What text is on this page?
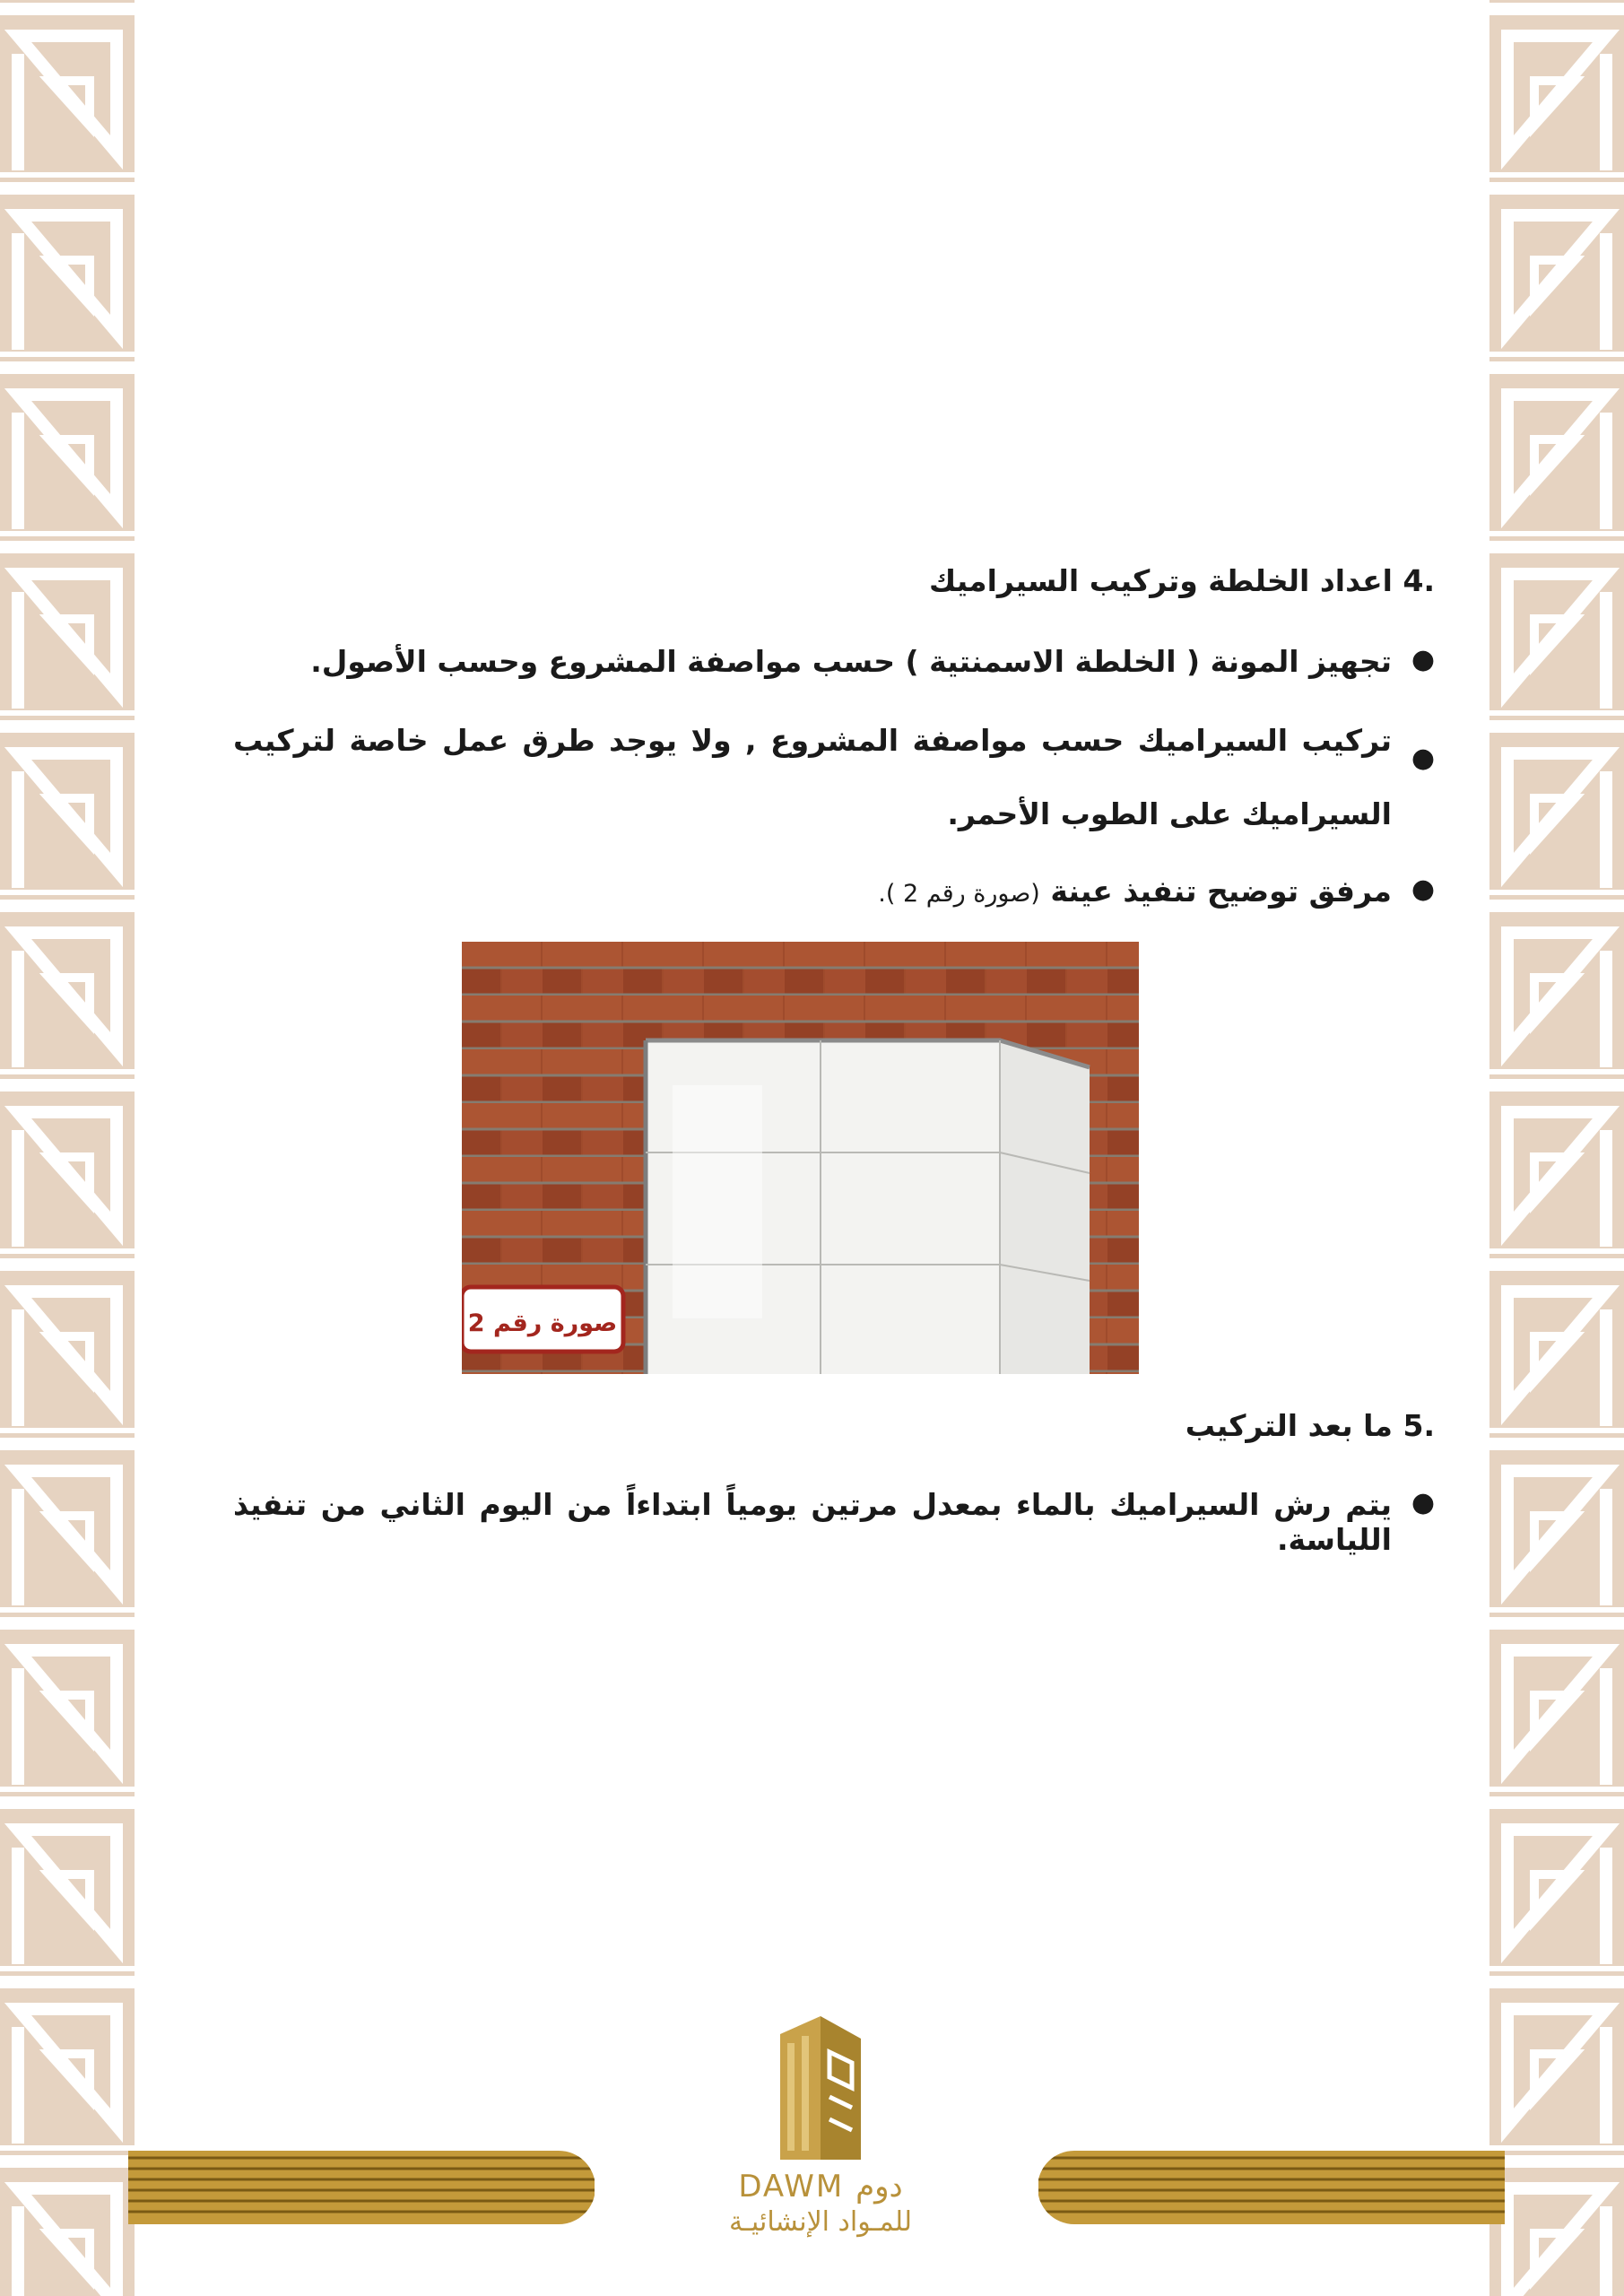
.4 اعداد الخلطة وتركيب السيراميك
●
تجهيز المونة ( الخلطة الاسمنتية ) حسب مواصفة المشروع وحسب الأصول.
●
تركيب السيراميك حسب مواصفة المشروع , ولا يوجد طرق عمل خاصة لتركيب السيراميك على الطوب الأحمر.
●
مرفق توضيح تنفيذ عينة (صورة رقم 2 ).
صورة رقم 2
.5 ما بعد التركيب
●
يتم رش السيراميك بالماء بمعدل مرتين يومياً ابتداءاً من اليوم الثاني من تنفيذ اللياسة.
DAWM دوم
للمـواد الإنشائيـة
